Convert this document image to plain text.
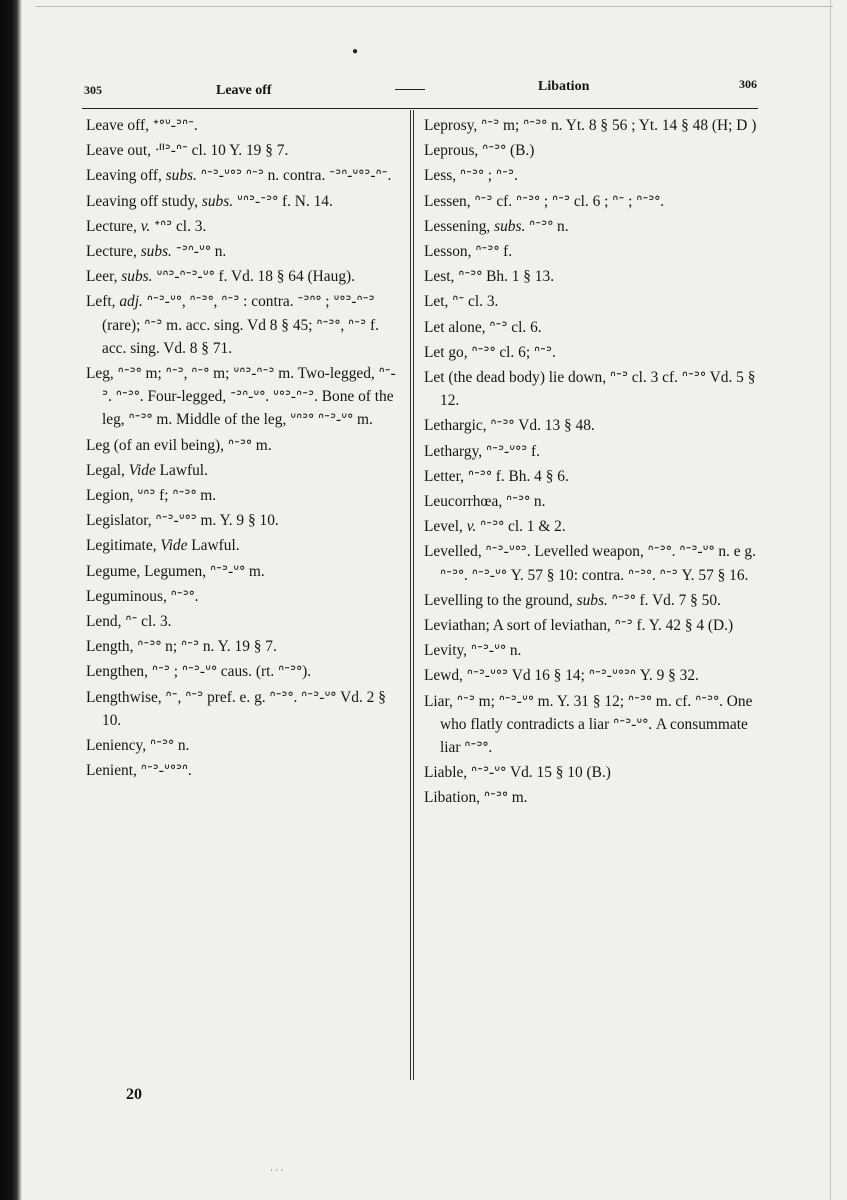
●
305	Leave off	Libation	306
Leave off, ᐩᐤᐡ-ᐣᐢᐨ.
Leave out, ᐧᐦᐣ-ᐢᐨ cl. 10 Y. 19 § 7.
Leaving off, subs. ᐢᐨᐣ-ᐡᐤᐣ ᐢᐨᐣ n. contra. ᐨᐣᐢ-ᐡᐤᐣ-ᐢᐨ.
Leaving off study, subs. ᐡᐢᐣ-ᐨᐣᐤ f. N. 14.
Lecture, v. ᐩᐢᐣ cl. 3.
Lecture, subs. ᐨᐣᐢ-ᐡᐤ n.
Leer, subs. ᐡᐢᐣ-ᐢᐨᐣ-ᐡᐤ f. Vd. 18 § 64 (Haug).
Left, adj. ᐢᐨᐣ-ᐡᐤ, ᐢᐨᐣᐤ, ᐢᐨᐣ : contra. ᐨᐣᐢᐤ ; ᐡᐤᐣ-ᐢᐨᐣ (rare); ᐢᐨᐣ m. acc. sing. Vd 8 § 45; ᐢᐨᐣᐤ, ᐢᐨᐣ f. acc. sing. Vd. 8 § 71.
Leg, ᐢᐨᐣᐤ m; ᐢᐨᐣ, ᐢᐨᐤ m; ᐡᐢᐣ-ᐢᐨᐣ m. Two-legged, ᐢᐨ-ᐣ. ᐢᐨᐣᐤ. Four-legged, ᐨᐣᐢ-ᐡᐤ. ᐡᐤᐣ-ᐢᐨᐣ. Bone of the leg, ᐢᐨᐣᐤ m. Middle of the leg, ᐡᐢᐣᐤ ᐢᐨᐣ-ᐡᐤ m.
Leg (of an evil being), ᐢᐨᐣᐤ m.
Legal, Vide Lawful.
Legion, ᐡᐢᐣ f; ᐢᐨᐣᐤ m.
Legislator, ᐢᐨᐣ-ᐡᐤᐣ m. Y. 9 § 10.
Legitimate, Vide Lawful.
Legume, Legumen, ᐢᐨᐣ-ᐡᐤ m.
Leguminous, ᐢᐨᐣᐤ.
Lend, ᐢᐨ cl. 3.
Length, ᐢᐨᐣᐤ n; ᐢᐨᐣ n. Y. 19 § 7.
Lengthen, ᐢᐨᐣ ; ᐢᐨᐣ-ᐡᐤ caus. (rt. ᐢᐨᐣᐤ).
Lengthwise, ᐢᐨ, ᐢᐨᐣ pref. e. g. ᐢᐨᐣᐤ. ᐢᐨᐣ-ᐡᐤ Vd. 2 § 10.
Leniency, ᐢᐨᐣᐤ n.
Lenient, ᐢᐨᐣ-ᐡᐤᐣᐢ.
Leprosy, ᐢᐨᐣ m; ᐢᐨᐣᐤ n. Yt. 8 § 56 ; Yt. 14 § 48 (H; D )
Leprous, ᐢᐨᐣᐤ (B.)
Less, ᐢᐨᐣᐤ ; ᐢᐨᐣ.
Lessen, ᐢᐨᐣ cf. ᐢᐨᐣᐤ ; ᐢᐨᐣ cl. 6 ; ᐢᐨ ; ᐢᐨᐣᐤ.
Lessening, subs. ᐢᐨᐣᐤ n.
Lesson, ᐢᐨᐣᐤ f.
Lest, ᐢᐨᐣᐤ Bh. 1 § 13.
Let, ᐢᐨ cl. 3.
Let alone, ᐢᐨᐣ cl. 6.
Let go, ᐢᐨᐣᐤ cl. 6; ᐢᐨᐣ.
Let (the dead body) lie down, ᐢᐨᐣ cl. 3 cf. ᐢᐨᐣᐤ Vd. 5 § 12.
Lethargic, ᐢᐨᐣᐤ Vd. 13 § 48.
Lethargy, ᐢᐨᐣ-ᐡᐤᐣ f.
Letter, ᐢᐨᐣᐤ f. Bh. 4 § 6.
Leucorrhœa, ᐢᐨᐣᐤ n.
Level, v. ᐢᐨᐣᐤ cl. 1 & 2.
Levelled, ᐢᐨᐣ-ᐡᐤᐣ. Levelled weapon, ᐢᐨᐣᐤ. ᐢᐨᐣ-ᐡᐤ n. e g. ᐢᐨᐣᐤ. ᐢᐨᐣ-ᐡᐤ Y. 57 § 10: contra. ᐢᐨᐣᐤ. ᐢᐨᐣ Y. 57 § 16.
Levelling to the ground, subs. ᐢᐨᐣᐤ f. Vd. 7 § 50.
Leviathan; A sort of leviathan, ᐢᐨᐣ f. Y. 42 § 4 (D.)
Levity, ᐢᐨᐣ-ᐡᐤ n.
Lewd, ᐢᐨᐣ-ᐡᐤᐣ Vd 16 § 14; ᐢᐨᐣ-ᐡᐤᐣᐢ Y. 9 § 32.
Liar, ᐢᐨᐣ m; ᐢᐨᐣ-ᐡᐤ m. Y. 31 § 12; ᐢᐨᐣᐤ m. cf. ᐢᐨᐣᐤ. One who flatly contradicts a liar ᐢᐨᐣ-ᐡᐤ. A consummate liar ᐢᐨᐣᐤ.
Liable, ᐢᐨᐣ-ᐡᐤ Vd. 15 § 10 (B.)
Libation, ᐢᐨᐣᐤ m.
20
· · ·
